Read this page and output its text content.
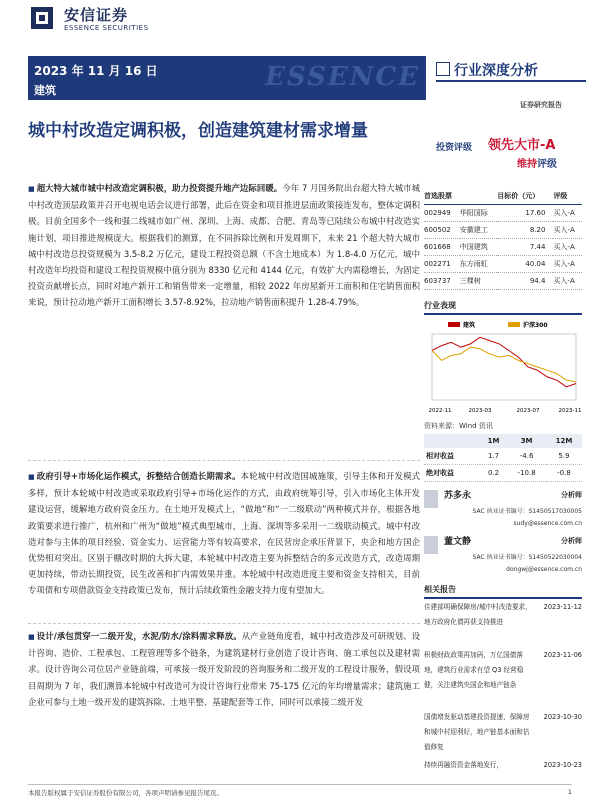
安信证券
ESSENCE SECURITIES
ESSENCE
2023 年 11 月 16 日
建筑
行业深度分析
证券研究报告
城中村改造定调积极，创造建筑建材需求增量
投资评级 领先大市-A
维持评级
■ 超大特大城市城中村改造定调积极，助力投资提升地产边际回暖。今年 7 月国务院出台超大特大城市城中村改造顶层政策并召开电视电话会议进行部署，此后在资金和项目推进层面政策接连发布，整体定调积极。目前全国多个一线和强二线城市如广州、深圳、上海、成都、合肥、青岛等已陆续公布城中村改造实施计划，项目推进规模庞大。根据我们的测算，在不同拆除比例和开发周期下，未来 21 个超大特大城市城中村改造总投资规模为 3.5-8.2 万亿元，建设工程投资总额（不含土地成本）为 1.8-4.0 万亿元，城中村改造年均投资和建设工程投资规模中值分别为 8330 亿元和 4144 亿元，有效扩大内需稳增长，为固定投资贡献增长点，同时对地产新开工和销售带来一定增量，相较 2022 年房屋新开工面积和住宅销售面积来说，预计拉动地产新开工面积增长 3.57-8.92%，拉动地产销售面积提升 1.28-4.79%。
■ 政府引导+市场化运作模式，拆整结合创造长期需求。本轮城中村改造国城施策，引导主体和开发模式多样，预计本轮城中村改造或采取政府引导+市场化运作的方式，由政府统筹引导，引入市场化主体开发建设运营，缓解地方政府资金压力。在土地开发模式上，“做地”和“一二级联动”两种模式并存，根据各地政策要求进行推广，杭州和广州为“做地”模式典型城市，上海、深圳等多采用一二级联动模式。城中村改造对参与主体的项目经验、资金实力、运营能力等有较高要求，在民营房企承压背景下，央企和地方国企优势相对突出。区别于棚改时期的大拆大建，本轮城中村改造主要为拆整结合的多元改造方式，改造周期更加持续，带动长期投资，民生改善和扩内需效果并重。本轮城中村改造进度主要和资金支持相关，目前专项债和专项借款资金支持政策已发布，预计后续政策性金融支持力度有望加大。
■ 设计/承包贯穿一二级开发，水泥/防水/涂料需求释放。从产业链角度看，城中村改造涉及可研规划、设计咨询、造价、工程承包、工程管理等多个链条，为建筑建材行业创造了设计咨询、施工承包以及建材需求。设计咨询公司位居产业链前端，可承接一级开发阶段的咨询服务和二级开发的工程设计服务，假设项目周期为 7 年，我们测算本轮城中村改造可为设计咨询行业带来 75-175 亿元的年均增量需求；建筑施工企业可参与土地一级开发的建筑拆除、土地平整、基建配套等工作，同时可以承接二级开发
首选股票		目标价（元）	评级
002949	华阳国际	17.60	买入-A
600502	安徽建工	8.20	买入-A
601668	中国建筑	7.44	买入-A
002271	东方雨虹	40.04	买入-A
603737	三棵树	94.4	买入-A
行业表现
建筑	沪深300
2022-11	2023-03	2023-07	2023-11
资料来源：Wind 资讯
	1M	3M	12M
相对收益	1.7	-4.6	5.9
绝对收益	0.2	-10.8	-0.8
苏多永	分析师
SAC 执业证书编号：S1450517030005
sudy@essence.com.cn
董文静	分析师
SAC 执业证书编号：S1450522030004
dongwj@essence.com.cn
相关报告
住建部明确保障房/城中村改造要求，地方政府化债再获支持推进
2023-11-12
积极财政政策再加码，万亿国债落地，建筑行业需求有望 Q3 经营稳健，关注建筑央国企和地产链条
2023-11-06
国债增发驱动基建投资提速，保障房和城中村迎利好，地产链基本面和估值修复
2023-10-30
持续再融资资金落地发行，	2023-10-23
本报告版权属于安信证券股份有限公司，各项声明请参见报告尾页。	1
